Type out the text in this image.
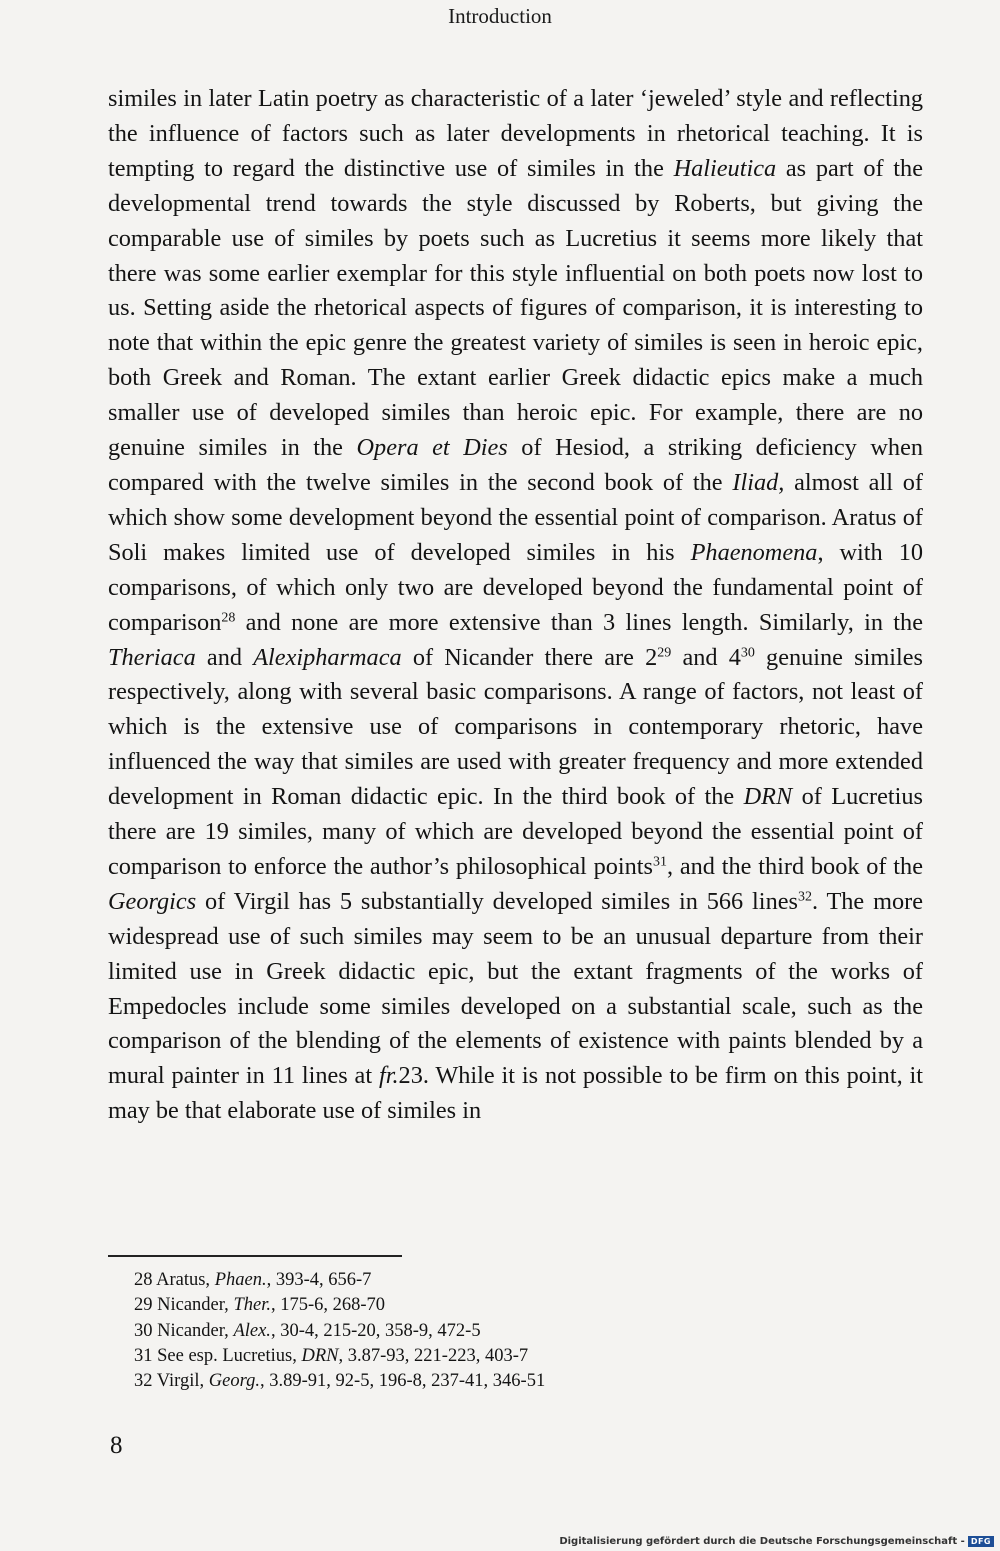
Introduction

similes in later Latin poetry as characteristic of a later ‘jeweled’ style and reflecting the influence of factors such as later developments in rhetorical teaching. It is tempting to regard the distinctive use of similes in the Halieutica as part of the developmental trend towards the style discussed by Roberts, but giving the comparable use of similes by poets such as Lucretius it seems more likely that there was some earlier exemplar for this style influential on both poets now lost to us. Setting aside the rhetorical aspects of figures of comparison, it is interesting to note that within the epic genre the greatest variety of similes is seen in heroic epic, both Greek and Roman. The extant earlier Greek didactic epics make a much smaller use of developed similes than heroic epic. For example, there are no genuine similes in the Opera et Dies of Hesiod, a striking deficiency when compared with the twelve similes in the second book of the Iliad, almost all of which show some development beyond the essential point of comparison. Aratus of Soli makes limited use of developed similes in his Phaenomena, with 10 comparisons, of which only two are developed beyond the fundamental point of comparison$^{28}$ and none are more extensive than 3 lines length. Similarly, in the Theriaca and Alexipharmaca of Nicander there are $2^{29}$ and $4^{30}$ genuine similes respectively, along with several basic comparisons. A range of factors, not least of which is the extensive use of comparisons in contemporary rhetoric, have influenced the way that similes are used with greater frequency and more extended development in Roman didactic epic. In the third book of the DRN of Lucretius there are 19 similes, many of which are developed beyond the essential point of comparison to enforce the author’s philosophical points$^{31}$, and the third book of the Georgics of Virgil has 5 substantially developed similes in 566 lines$^{32}$. The more widespread use of such similes may seem to be an unusual departure from their limited use in Greek didactic epic, but the extant fragments of the works of Empedocles include some similes developed on a substantial scale, such as the comparison of the blending of the elements of existence with paints blended by a mural painter in 11 lines at fr.23. While it is not possible to be firm on this point, it may be that elaborate use of similes in

28 Aratus, Phaen., 393-4, 656-7
29 Nicander, Ther., 175-6, 268-70
30 Nicander, Alex., 30-4, 215-20, 358-9, 472-5
31 See esp. Lucretius, DRN, 3.87-93, 221-223, 403-7
32 Virgil, Georg., 3.89-91, 92-5, 196-8, 237-41, 346-51
8
Digitalisierung gefördert durch die Deutsche Forschungsgemeinschaft - DFG
